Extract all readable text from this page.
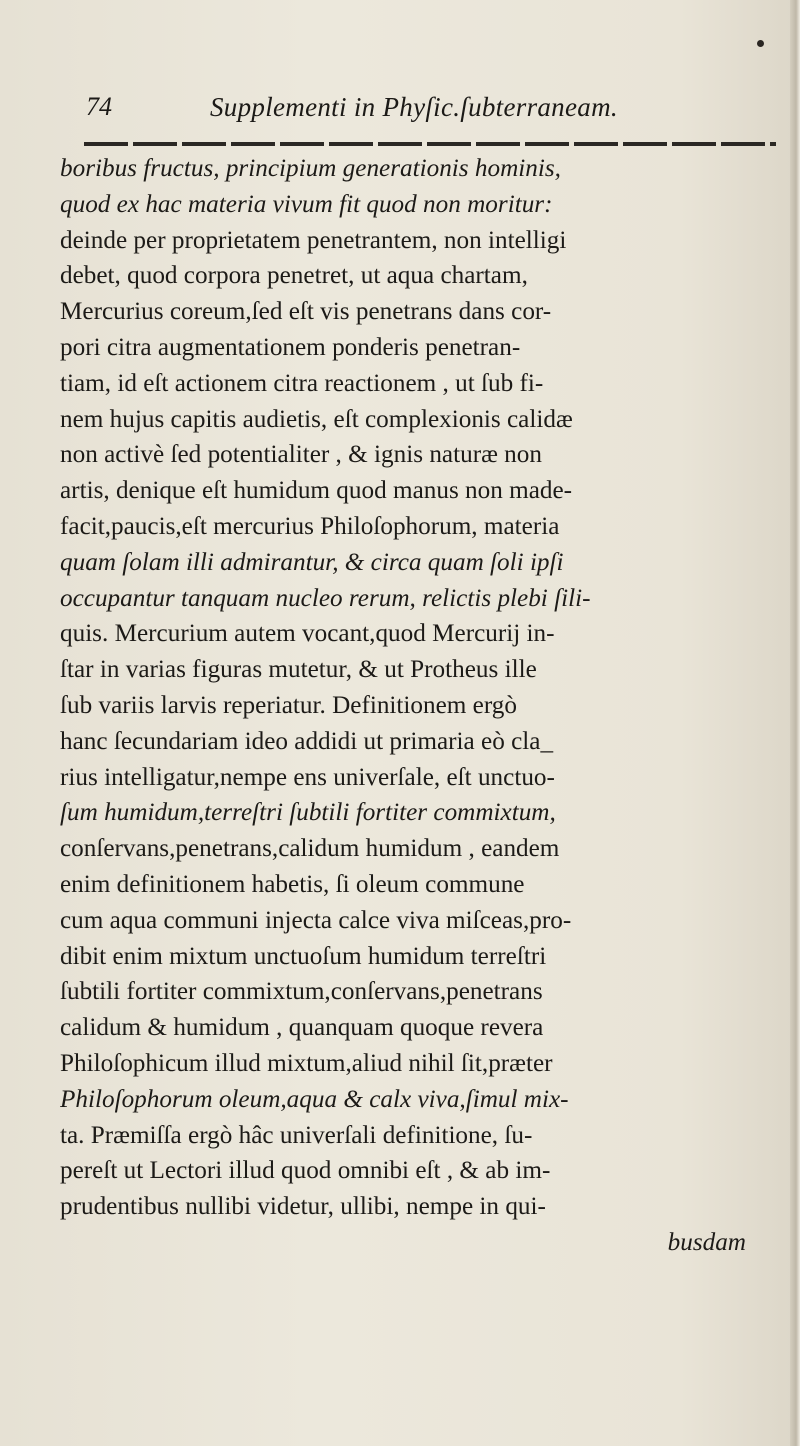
74	Supplementi in Phyſic.ſubterraneam.
boribus fructus, principium generationis hominis,
quod ex hac materia vivum fit quod non moritur:
deinde per proprietatem penetrantem, non intelligi
debet, quod corpora penetret, ut aqua chartam,
Mercurius coreum,ſed eſt vis penetrans dans cor-
pori citra augmentationem ponderis penetran-
tiam, id eſt actionem citra reactionem , ut ſub fi-
nem hujus capitis audietis, eſt complexionis calidæ
non activè ſed potentialiter , & ignis naturæ non
artis, denique eſt humidum quod manus non made-
facit,paucis,eſt mercurius Philoſophorum, materia
quam ſolam illi admirantur, & circa quam ſoli ipſi
occupantur tanquam nucleo rerum, relictis plebi ſili-
quis. Mercurium autem vocant,quod Mercurij in-
ſtar in varias figuras mutetur, & ut Protheus ille
ſub variis larvis reperiatur. Definitionem ergò
hanc ſecundariam ideo addidi ut primaria eò cla_
rius intelligatur,nempe ens univerſale, eſt unctuo-
ſum humidum,terreſtri ſubtili fortiter commixtum,
conſervans,penetrans,calidum humidum , eandem
enim definitionem habetis, ſi oleum commune
cum aqua communi injecta calce viva miſceas,pro-
dibit enim mixtum unctuoſum humidum terreſtri
ſubtili fortiter commixtum,conſervans,penetrans
calidum & humidum , quanquam quoque revera
Philoſophicum illud mixtum,aliud nihil ſit,præter
Philoſophorum oleum,aqua & calx viva,ſimul mix-
ta. Præmiſſa ergò hâc univerſali definitione, ſu-
pereſt ut Lectori illud quod omnibi eſt , & ab im-
prudentibus nullibi videtur, ullibi, nempe in qui-
busdam
